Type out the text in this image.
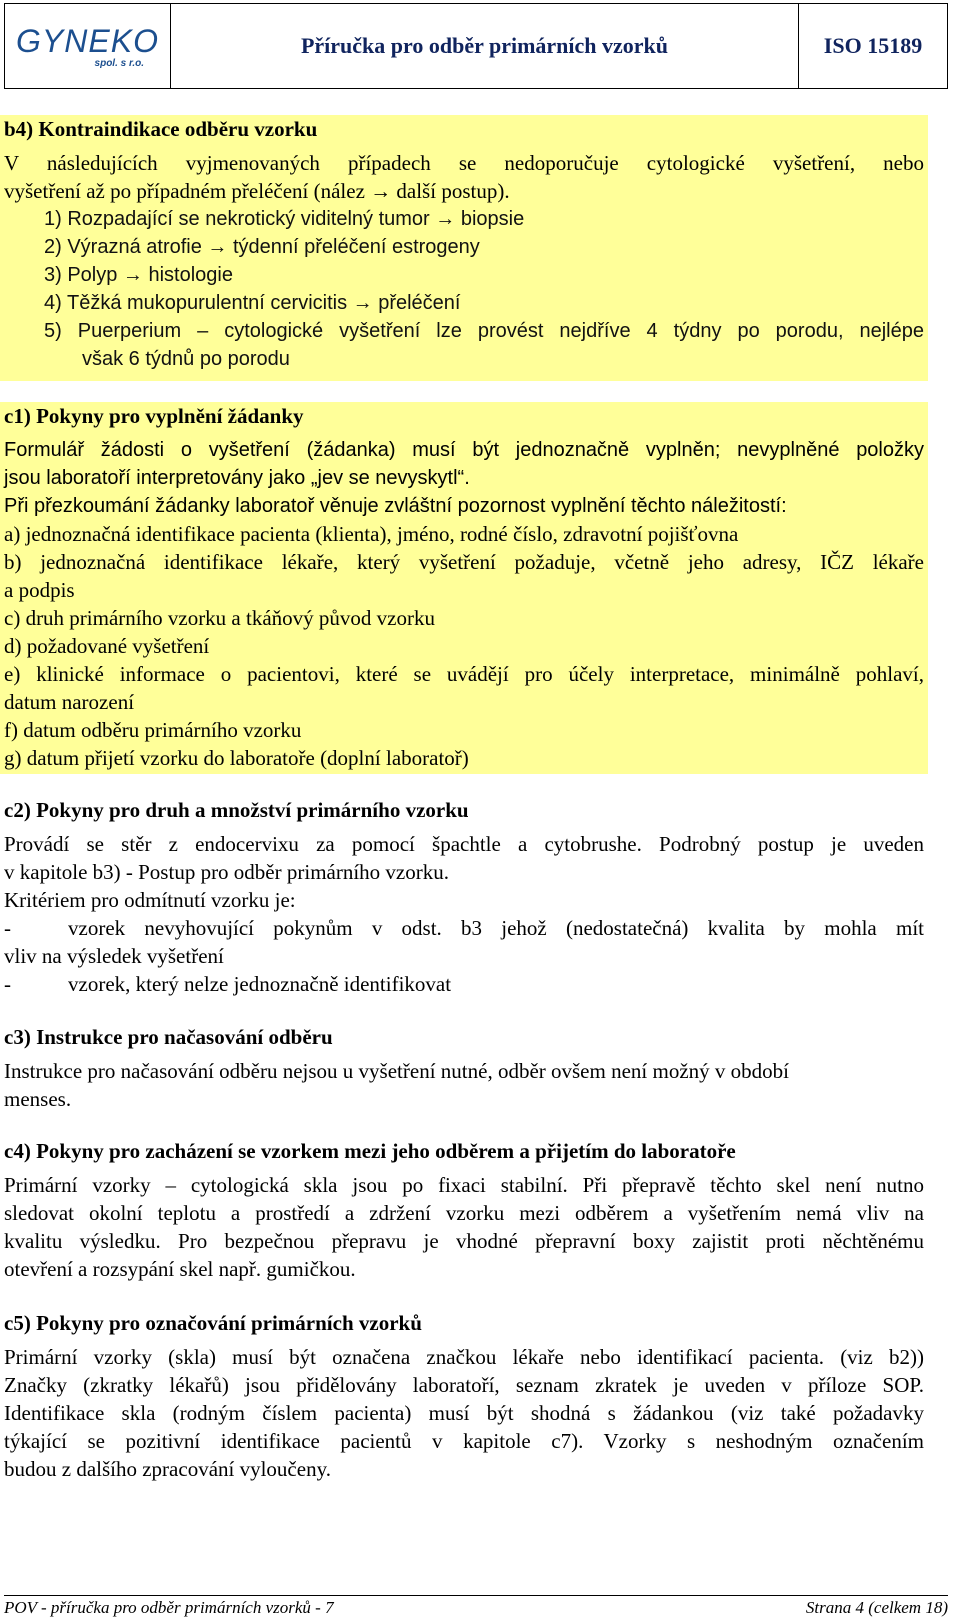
GYNEKO
spol. s r.o.
Příručka pro odběr primárních vzorků	ISO 15189
b4) Kontraindikace odběru vzorku
V následujících vyjmenovaných případech se nedoporučuje cytologické vyšetření, nebo
vyšetření až po případném přeléčení (nález → další postup).
1) Rozpadající se nekrotický viditelný tumor → biopsie
2) Výrazná atrofie → týdenní přeléčení estrogeny
3) Polyp → histologie
4) Těžká mukopurulentní cervicitis → přeléčení
5) Puerperium – cytologické vyšetření lze provést nejdříve 4 týdny po porodu, nejlépe
však 6 týdnů po porodu
c1) Pokyny pro vyplnění žádanky
Formulář žádosti o vyšetření (žádanka) musí být jednoznačně vyplněn; nevyplněné položky
jsou laboratoří interpretovány jako „jev se nevyskytl“.
Při přezkoumání žádanky laboratoř věnuje zvláštní pozornost vyplnění těchto náležitostí:
a) jednoznačná identifikace pacienta (klienta), jméno, rodné číslo, zdravotní pojišťovna
b) jednoznačná identifikace lékaře, který vyšetření požaduje, včetně jeho adresy, IČZ lékaře
a podpis
c) druh primárního vzorku a tkáňový původ vzorku
d) požadované vyšetření
e) klinické informace o pacientovi, které se uvádějí pro účely interpretace, minimálně pohlaví,
datum narození
f) datum odběru primárního vzorku
g) datum přijetí vzorku do laboratoře (doplní laboratoř)
c2) Pokyny pro druh a množství primárního vzorku
Provádí se stěr z endocervixu za pomocí špachtle a cytobrushe. Podrobný postup je uveden
v kapitole b3) - Postup pro odběr primárního vzorku.
Kritériem pro odmítnutí vzorku je:
-	vzorek nevyhovující pokynům v odst. b3 jehož (nedostatečná) kvalita by mohla mít
vliv na výsledek vyšetření
-	vzorek, který nelze jednoznačně identifikovat
c3) Instrukce pro načasování odběru
Instrukce pro načasování odběru nejsou u vyšetření nutné, odběr ovšem není možný v období
menses.
c4) Pokyny pro zacházení se vzorkem mezi jeho odběrem a přijetím do laboratoře
Primární vzorky – cytologická skla jsou po fixaci stabilní. Při přepravě těchto skel není nutno
sledovat okolní teplotu a prostředí a zdržení vzorku mezi odběrem a vyšetřením nemá vliv na
kvalitu výsledku. Pro bezpečnou přepravu je vhodné přepravní boxy zajistit proti něchtěnému
otevření a rozsypání skel např. gumičkou.
c5) Pokyny pro označování primárních vzorků
Primární vzorky (skla) musí být označena značkou lékaře nebo identifikací pacienta. (viz b2))
Značky (zkratky lékařů) jsou přidělovány laboratoří, seznam zkratek je uveden v příloze SOP.
Identifikace skla (rodným číslem pacienta) musí být shodná s žádankou (viz také požadavky
týkající se pozitivní identifikace pacientů v kapitole c7). Vzorky s neshodným označením
budou z dalšího zpracování vyloučeny.
POV - příručka pro odběr primárních vzorků - 7	Strana 4 (celkem 18)
